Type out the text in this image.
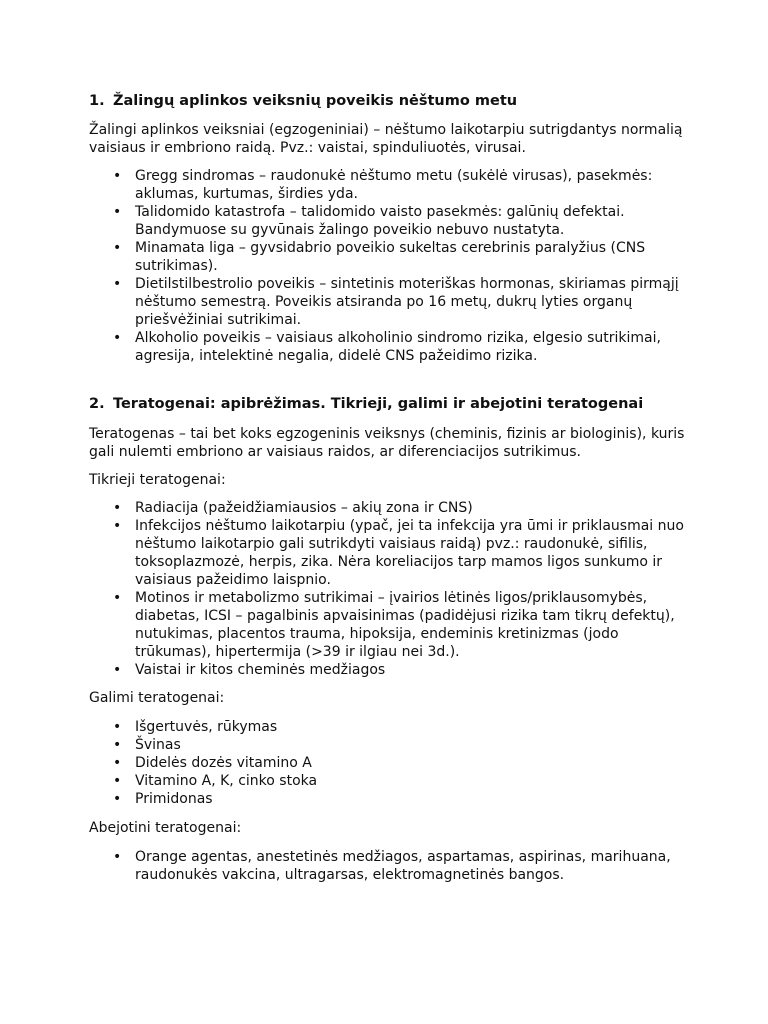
1. Žalingų aplinkos veiksnių poveikis nėštumo metu

Žalingi aplinkos veiksniai (egzogeniniai) – nėštumo laikotarpiu sutrigdantys normalią vaisiaus ir embriono raidą. Pvz.: vaistai, spinduliuotės, virusai.

• Gregg sindromas – raudonukė nėštumo metu (sukėlė virusas), pasekmės: aklumas, kurtumas, širdies yda.
• Talidomido katastrofa – talidomido vaisto pasekmės: galūnių defektai. Bandymuose su gyvūnais žalingo poveikio nebuvo nustatyta.
• Minamata liga – gyvsidabrio poveikio sukeltas cerebrinis paralyžius (CNS sutrikimas).
• Dietilstilbestrolio poveikis – sintetinis moteriškas hormonas, skiriamas pirmąjį nėštumo semestrą. Poveikis atsiranda po 16 metų, dukrų lyties organų priešvėžiniai sutrikimai.
• Alkoholio poveikis – vaisiaus alkoholinio sindromo rizika, elgesio sutrikimai, agresija, intelektinė negalia, didelė CNS pažeidimo rizika.
2. Teratogenai: apibrėžimas. Tikrieji, galimi ir abejotini teratogenai

Teratogenas – tai bet koks egzogeninis veiksnys (cheminis, fizinis ar biologinis), kuris gali nulemti embriono ar vaisiaus raidos, ar diferenciacijos sutrikimus.

Tikrieji teratogenai:

• Radiacija (pažeidžiamiausios – akių zona ir CNS)
• Infekcijos nėštumo laikotarpiu (ypač, jei ta infekcija yra ūmi ir priklausmai nuo nėštumo laikotarpio gali sutrikdyti vaisiaus raidą) pvz.: raudonukė, sifilis, toksoplazmozė, herpis, zika. Nėra koreliacijos tarp mamos ligos sunkumo ir vaisiaus pažeidimo laispnio.
• Motinos ir metabolizmo sutrikimai – įvairios lėtinės ligos/priklausomybės, diabetas, ICSI – pagalbinis apvaisinimas (padidėjusi rizika tam tikrų defektų), nutukimas, placentos trauma, hipoksija, endeminis kretinizmas (jodo trūkumas), hipertermija (>39 ir ilgiau nei 3d.).
• Vaistai ir kitos cheminės medžiagos

Galimi teratogenai:

• Išgertuvės, rūkymas
• Švinas
• Didelės dozės vitamino A
• Vitamino A, K, cinko stoka
• Primidonas

Abejotini teratogenai:

• Orange agentas, anestetinės medžiagos, aspartamas, aspirinas, marihuana, raudonukės vakcina, ultragarsas, elektromagnetinės bangos.
